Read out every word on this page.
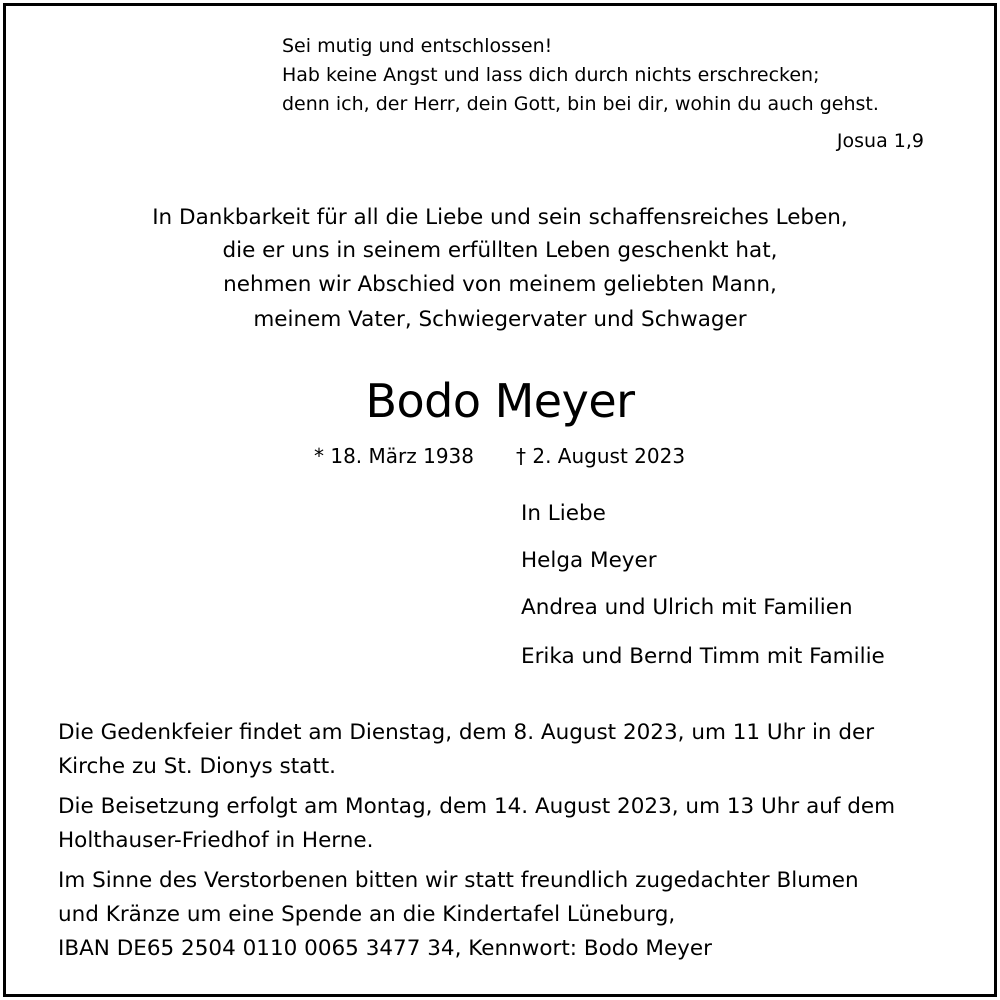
Sei mutig und entschlossen!
Hab keine Angst und lass dich durch nichts erschrecken;
denn ich, der Herr, dein Gott, bin bei dir, wohin du auch gehst.
Josua 1,9
In Dankbarkeit für all die Liebe und sein schaffensreiches Leben,
die er uns in seinem erfüllten Leben geschenkt hat,
nehmen wir Abschied von meinem geliebten Mann,
meinem Vater, Schwiegervater und Schwager
Bodo Meyer
* 18. März 1938 † 2. August 2023
In Liebe
Helga Meyer
Andrea und Ulrich mit Familien
Erika und Bernd Timm mit Familie
Die Gedenkfeier findet am Dienstag, dem 8. August 2023, um 11 Uhr in der
Kirche zu St. Dionys statt.
Die Beisetzung erfolgt am Montag, dem 14. August 2023, um 13 Uhr auf dem
Holthauser-Friedhof in Herne.
Im Sinne des Verstorbenen bitten wir statt freundlich zugedachter Blumen
und Kränze um eine Spende an die Kindertafel Lüneburg,
IBAN DE65 2504 0110 0065 3477 34, Kennwort: Bodo Meyer
